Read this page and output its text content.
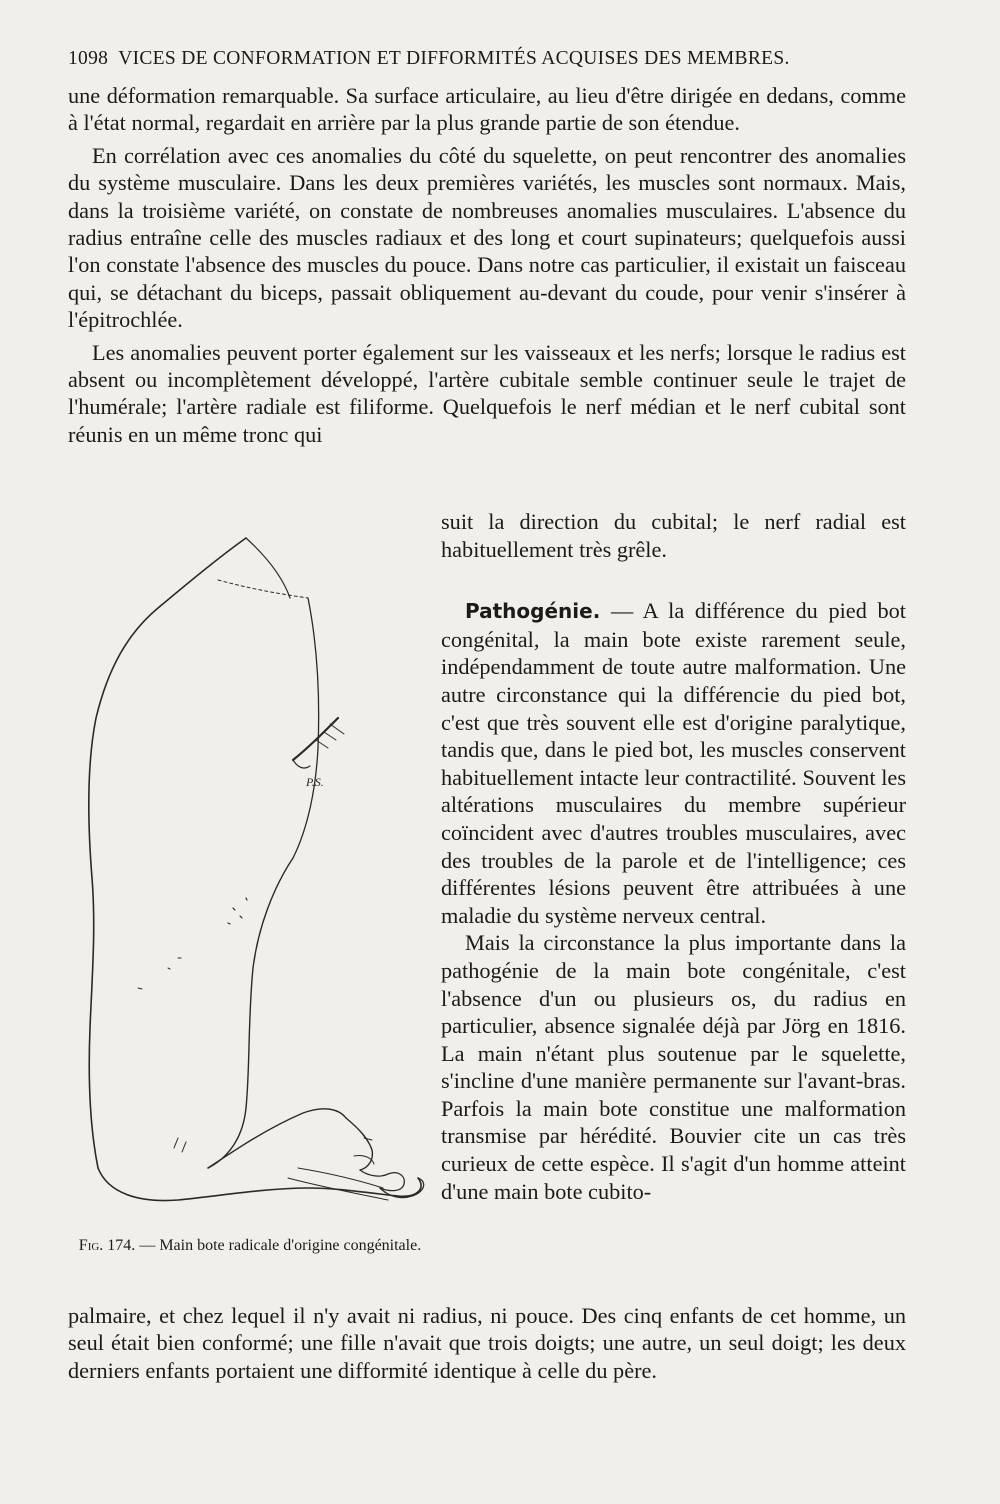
1098 VICES DE CONFORMATION ET DIFFORMITÉS ACQUISES DES MEMBRES.

une déformation remarquable. Sa surface articulaire, au lieu d'être dirigée en dedans, comme à l'état normal, regardait en arrière par la plus grande partie de son étendue.

En corrélation avec ces anomalies du côté du squelette, on peut rencontrer des anomalies du système musculaire. Dans les deux premières variétés, les muscles sont normaux. Mais, dans la troisième variété, on constate de nombreuses anomalies musculaires. L'absence du radius entraîne celle des muscles radiaux et des long et court supinateurs; quelquefois aussi l'on constate l'absence des muscles du pouce. Dans notre cas particulier, il existait un faisceau qui, se détachant du biceps, passait obliquement au-devant du coude, pour venir s'insérer à l'épitrochlée.

Les anomalies peuvent porter également sur les vaisseaux et les nerfs; lorsque le radius est absent ou incomplètement développé, l'artère cubitale semble continuer seule le trajet de l'humérale; l'artère radiale est filiforme. Quelquefois le nerf médian et le nerf cubital sont réunis en un même tronc qui

P.S.
Fig. 174. — Main bote radicale d'origine congénitale.

suit la direction du cubital; le nerf radial est habituellement très grêle.

Pathogénie. — A la différence du pied bot congénital, la main bote existe rarement seule, indépendamment de toute autre malformation. Une autre circonstance qui la différencie du pied bot, c'est que très souvent elle est d'origine paralytique, tandis que, dans le pied bot, les muscles conservent habituellement intacte leur contractilité. Souvent les altérations musculaires du membre supérieur coïncident avec d'autres troubles musculaires, avec des troubles de la parole et de l'intelligence; ces différentes lésions peuvent être attribuées à une maladie du système nerveux central.

Mais la circonstance la plus importante dans la pathogénie de la main bote congénitale, c'est l'absence d'un ou plusieurs os, du radius en particulier, absence signalée déjà par Jörg en 1816. La main n'étant plus soutenue par le squelette, s'incline d'une manière permanente sur l'avant-bras. Parfois la main bote constitue une malformation transmise par hérédité. Bouvier cite un cas très curieux de cette espèce. Il s'agit d'un homme atteint d'une main bote cubito-

palmaire, et chez lequel il n'y avait ni radius, ni pouce. Des cinq enfants de cet homme, un seul était bien conformé; une fille n'avait que trois doigts; une autre, un seul doigt; les deux derniers enfants portaient une difformité identique à celle du père.
